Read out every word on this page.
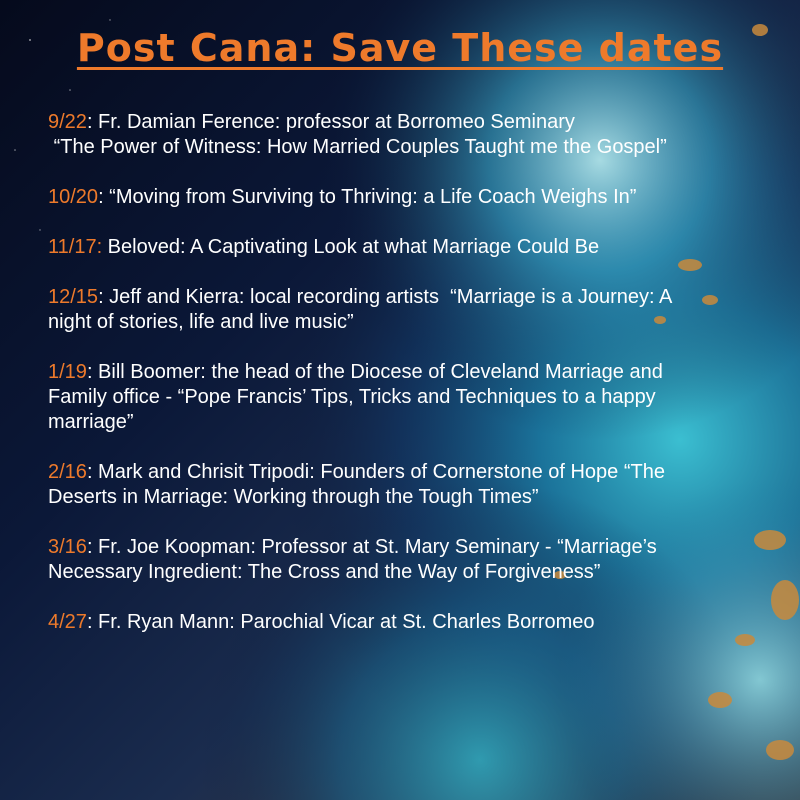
Post Cana: Save These dates
9/22: Fr. Damian Ference: professor at Borromeo Seminary
“The Power of Witness: How Married Couples Taught me the Gospel”
10/20: “Moving from Surviving to Thriving: a Life Coach Weighs In”
11/17: Beloved: A Captivating Look at what Marriage Could Be
12/15: Jeff and Kierra: local recording artists  “Marriage is a Journey: A night of stories, life and live music”
1/19: Bill Boomer: the head of the Diocese of Cleveland Marriage and Family office - “Pope Francis’ Tips, Tricks and Techniques to a happy marriage”
2/16: Mark and Chrisit Tripodi: Founders of Cornerstone of Hope “The Deserts in Marriage: Working through the Tough Times”
3/16: Fr. Joe Koopman: Professor at St. Mary Seminary - “Marriage’s Necessary Ingredient: The Cross and the Way of Forgiveness”
4/27: Fr. Ryan Mann: Parochial Vicar at St. Charles Borromeo
